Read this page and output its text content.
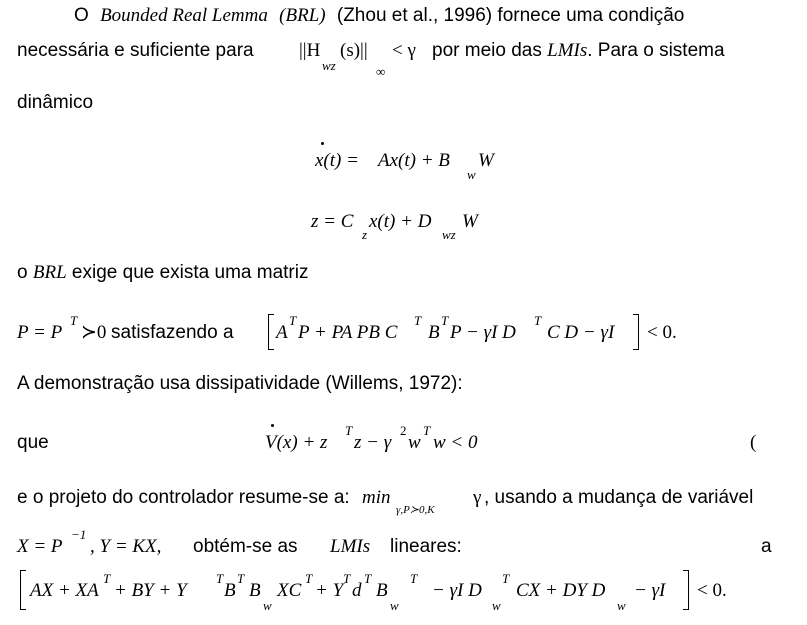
O Bounded Real Lemma (BRL) (Zhou et al., 1996) fornece uma condição
necessária e suficiente para ||H
wz
(s)||
∞
< γ por meio das LMIs. Para o sistema
dinâmico
x(t) = Ax(t) + B
w
W
z = C
z
x(t) + D
wz
W
o BRL exige que exista uma matriz
P = P
T
≻0 satisfazendo a A
T
P + PA PB C
T
B
T
P − γI D
T
C D − γI < 0.
A demonstração usa dissipatividade (Willems, 1972):
que	V(x) + z
T
z − γ
2
w
T
w < 0	(
e o projeto do controlador resume-se a: min
γ,P≻0,K
γ , usando a mudança de variável
X = P
−1
, Y = KX, obtém-se as LMIs lineares:	a
AX + XA
T
+ BY + Y
T
B
T
B
w
XC
T
+ Y
T
d
T
B
w
T
− γI D
w
T
CX + DY D
w
− γI < 0.
